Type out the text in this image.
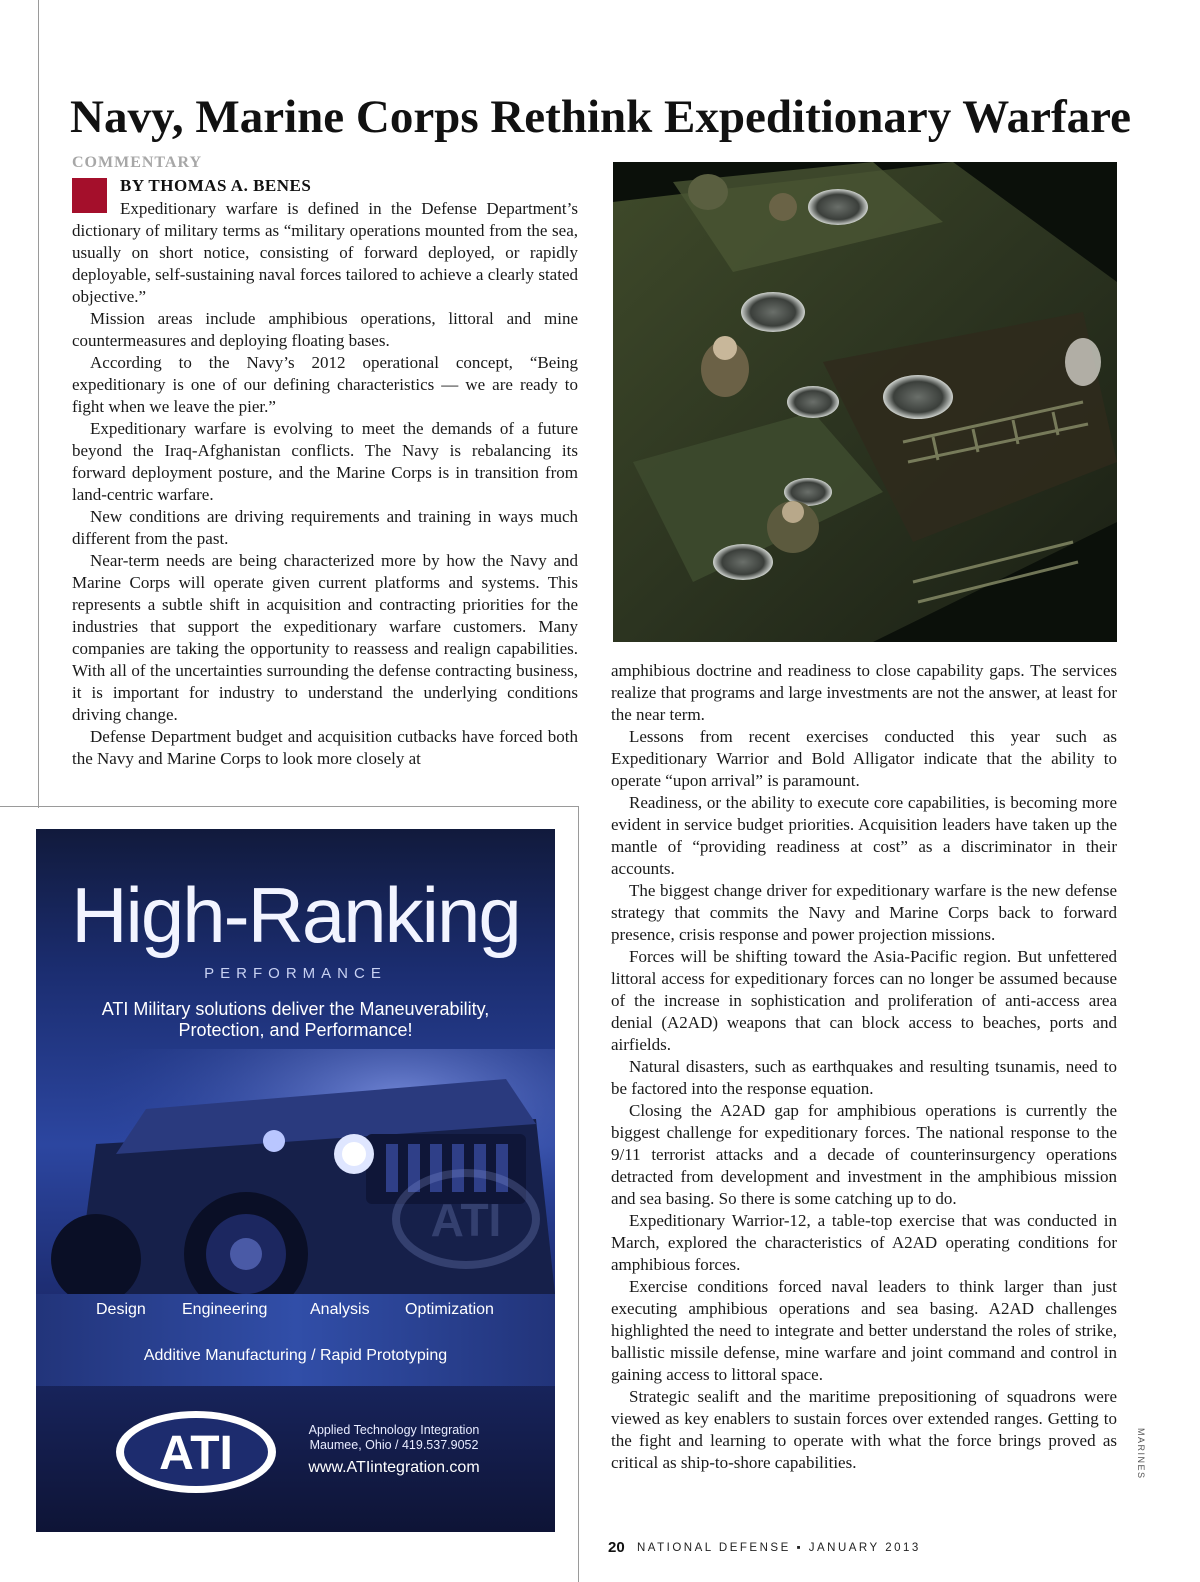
Navy, Marine Corps Rethink Expeditionary Warfare
COMMENTARY
BY THOMAS A. BENES

Expeditionary warfare is defined in the Defense Department’s dictionary of military terms as “military operations mounted from the sea, usually on short notice, consisting of forward deployed, or rapidly deployable, self-sustaining naval forces tailored to achieve a clearly stated objective.”

Mission areas include amphibious operations, littoral and mine countermeasures and deploying floating bases.

According to the Navy’s 2012 operational concept, “Being expeditionary is one of our defining characteristics — we are ready to fight when we leave the pier.”

Expeditionary warfare is evolving to meet the demands of a future beyond the Iraq-Afghanistan conflicts. The Navy is rebalancing its forward deployment posture, and the Marine Corps is in transition from land-centric warfare.

New conditions are driving requirements and training in ways much different from the past.

Near-term needs are being characterized more by how the Navy and Marine Corps will operate given current platforms and systems. This represents a subtle shift in acquisition and contracting priorities for the industries that support the expeditionary warfare customers. Many companies are taking the opportunity to reassess and realign capabilities. With all of the uncertainties surrounding the defense contracting business, it is important for industry to understand the underlying conditions driving change.

Defense Department budget and acquisition cutbacks have forced both the Navy and Marine Corps to look more closely at

amphibious doctrine and readiness to close capability gaps. The services realize that programs and large investments are not the answer, at least for the near term.

Lessons from recent exercises conducted this year such as Expeditionary Warrior and Bold Alligator indicate that the ability to operate “upon arrival” is paramount.

Readiness, or the ability to execute core capabilities, is becoming more evident in service budget priorities. Acquisition leaders have taken up the mantle of “providing readiness at cost” as a discriminator in their accounts.

The biggest change driver for expeditionary warfare is the new defense strategy that commits the Navy and Marine Corps back to forward presence, crisis response and power projection missions.

Forces will be shifting toward the Asia-Pacific region. But unfettered littoral access for expeditionary forces can no longer be assumed because of the increase in sophistication and proliferation of anti-access area denial (A2AD) weapons that can block access to beaches, ports and airfields.

Natural disasters, such as earthquakes and resulting tsunamis, need to be factored into the response equation.

Closing the A2AD gap for amphibious operations is currently the biggest challenge for expeditionary forces. The national response to the 9/11 terrorist attacks and a decade of counterinsurgency operations detracted from development and investment in the amphibious mission and sea basing. So there is some catching up to do.

Expeditionary Warrior-12, a table-top exercise that was conducted in March, explored the characteristics of A2AD operating conditions for amphibious forces.

Exercise conditions forced naval leaders to think larger than just executing amphibious operations and sea basing. A2AD challenges highlighted the need to integrate and better understand the roles of strike, ballistic missile defense, mine warfare and joint command and control in gaining access to littoral space.

Strategic sealift and the maritime prepositioning of squadrons were viewed as key enablers to sustain forces over extended ranges. Getting to the fight and learning to operate with what the force brings proved as critical as ship-to-shore capabilities.

High-Ranking
PERFORMANCE
ATI Military solutions deliver the Maneuverability, Protection, and Performance!
ATI
Design Engineering	Analysis Optimization
Additive Manufacturing / Rapid Prototyping
ATI	Applied Technology Integration
Maumee, Ohio / 419.537.9052
www.ATIintegration.com
20 NATIONAL DEFENSE ▪ JANUARY 2013
MARINES
